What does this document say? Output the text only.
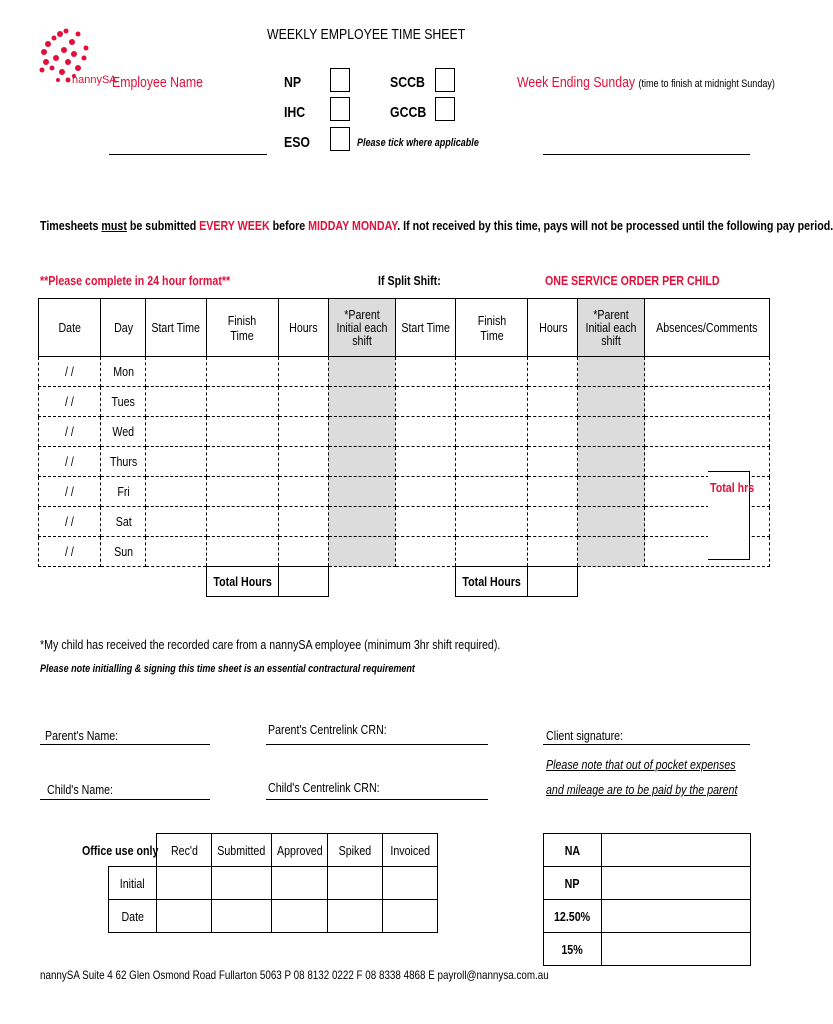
nannySA
WEEKLY EMPLOYEE TIME SHEET
Employee Name	NP
IHC
ESO
SCCB
GCCB
Please tick where applicable
Week Ending Sunday (time to finish at midnight Sunday)
Timesheets must be submitted EVERY WEEK before MIDDAY MONDAY. If not received by this time, pays will not be processed until the following pay period.
**Please complete in 24 hour format**	If Split Shift:	ONE SERVICE ORDER PER CHILD
Date	Day	Start Time	Finish Time	Hours	*Parent Initial each shift	Start Time	Finish Time	Hours	*Parent Initial each shift	Absences/Comments
/ /	Mon									
/ /	Tues									
/ /	Wed									
/ /	Thurs									
/ /	Fri									
/ /	Sat									
/ /	Sun									
			Total Hours				Total Hours			
Total hrs
*My child has received the recorded care from a nannySA employee (minimum 3hr shift required).
Please note initialling & signing this time sheet is an essential contractural requirement
Parent's Name:	Parent's Centrelink CRN:	Client signature:
Child's Name:	Child's Centrelink CRN:
Please note that out of pocket expenses
and mileage are to be paid by the parent
Office use only
	Rec'd	Submitted	Approved	Spiked	Invoiced
Initial					
Date					
NA	
NP	
12.50%	
15%	
nannySA Suite 4 62 Glen Osmond Road Fullarton 5063 P 08 8132 0222 F 08 8338 4868 E payroll@nannysa.com.au
